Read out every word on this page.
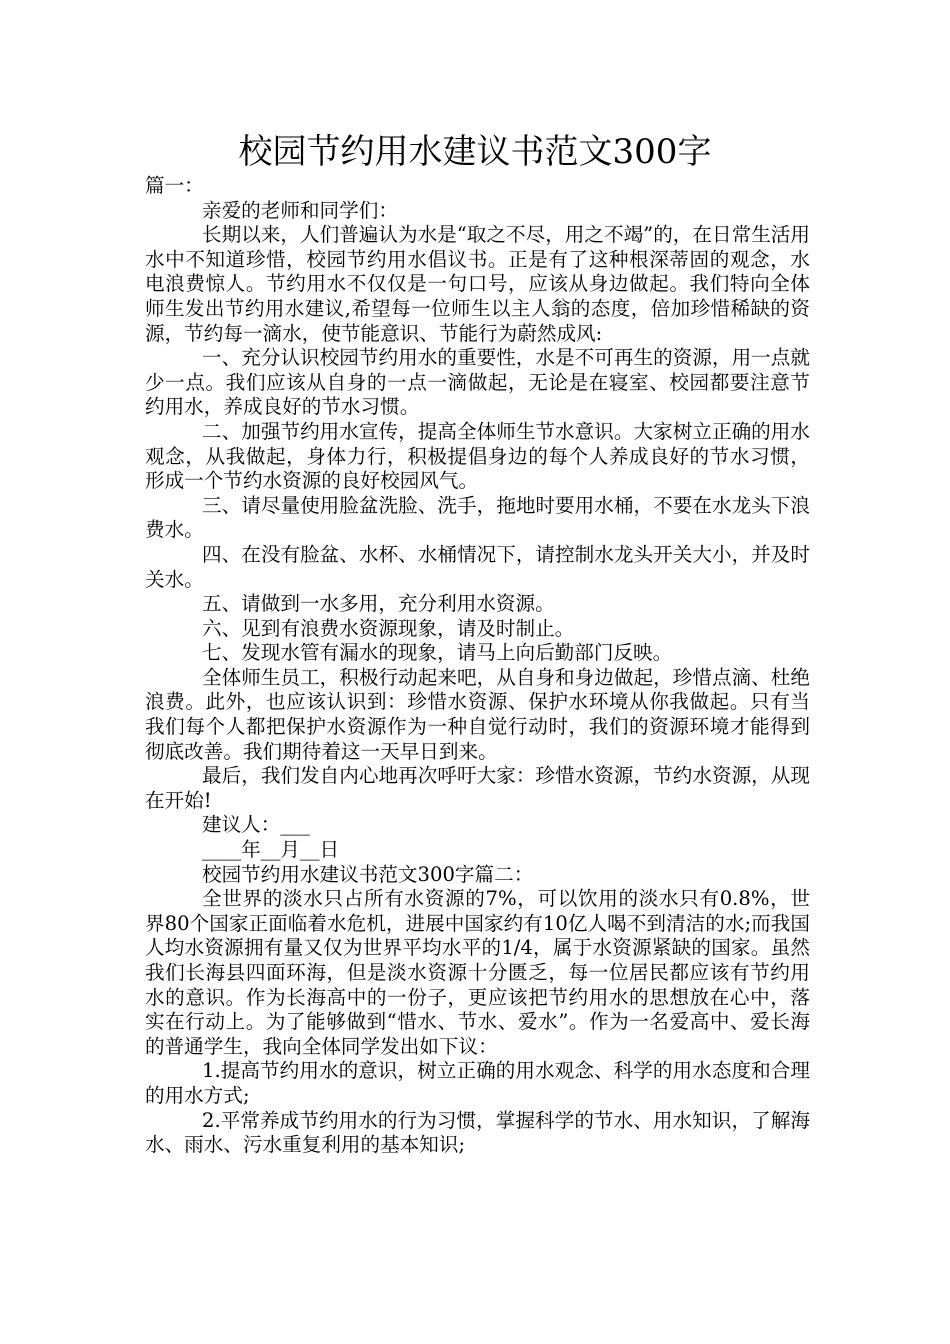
校园节约用水建议书范文300字

篇一：

亲爱的老师和同学们：

长期以来，人们普遍认为水是“取之不尽，用之不竭”的，在日常生活用水中不知道珍惜，校园节约用水倡议书。正是有了这种根深蒂固的观念，水电浪费惊人。节约用水不仅仅是一句口号，应该从身边做起。我们特向全体师生发出节约用水建议,希望每一位师生以主人翁的态度，倍加珍惜稀缺的资源，节约每一滴水，使节能意识、节能行为蔚然成风:

一、充分认识校园节约用水的重要性，水是不可再生的资源，用一点就少一点。我们应该从自身的一点一滴做起，无论是在寝室、校园都要注意节约用水，养成良好的节水习惯。

二、加强节约用水宣传，提高全体师生节水意识。大家树立正确的用水观念，从我做起，身体力行，积极提倡身边的每个人养成良好的节水习惯，形成一个节约水资源的良好校园风气。

三、请尽量使用脸盆洗脸、洗手，拖地时要用水桶，不要在水龙头下浪费水。

四、在没有脸盆、水杯、水桶情况下，请控制水龙头开关大小，并及时关水。

五、请做到一水多用，充分利用水资源。

六、见到有浪费水资源现象，请及时制止。

七、发现水管有漏水的现象，请马上向后勤部门反映。

全体师生员工，积极行动起来吧，从自身和身边做起，珍惜点滴、杜绝浪费。此外，也应该认识到：珍惜水资源、保护水环境从你我做起。只有当我们每个人都把保护水资源作为一种自觉行动时，我们的资源环境才能得到彻底改善。我们期待着这一天早日到来。

最后，我们发自内心地再次呼吁大家：珍惜水资源，节约水资源，从现在开始!

建议人：___

____年__月__日

校园节约用水建议书范文300字篇二：

全世界的淡水只占所有水资源的7%，可以饮用的淡水只有0.8%，世界80个国家正面临着水危机，进展中国家约有10亿人喝不到清洁的水;而我国人均水资源拥有量又仅为世界平均水平的1/4，属于水资源紧缺的国家。虽然我们长海县四面环海，但是淡水资源十分匮乏，每一位居民都应该有节约用水的意识。作为长海高中的一份子，更应该把节约用水的思想放在心中，落实在行动上。为了能够做到“惜水、节水、爱水”。作为一名爱高中、爱长海的普通学生，我向全体同学发出如下议：

1.提高节约用水的意识，树立正确的用水观念、科学的用水态度和合理的用水方式;

2.平常养成节约用水的行为习惯，掌握科学的节水、用水知识，了解海水、雨水、污水重复利用的基本知识;
